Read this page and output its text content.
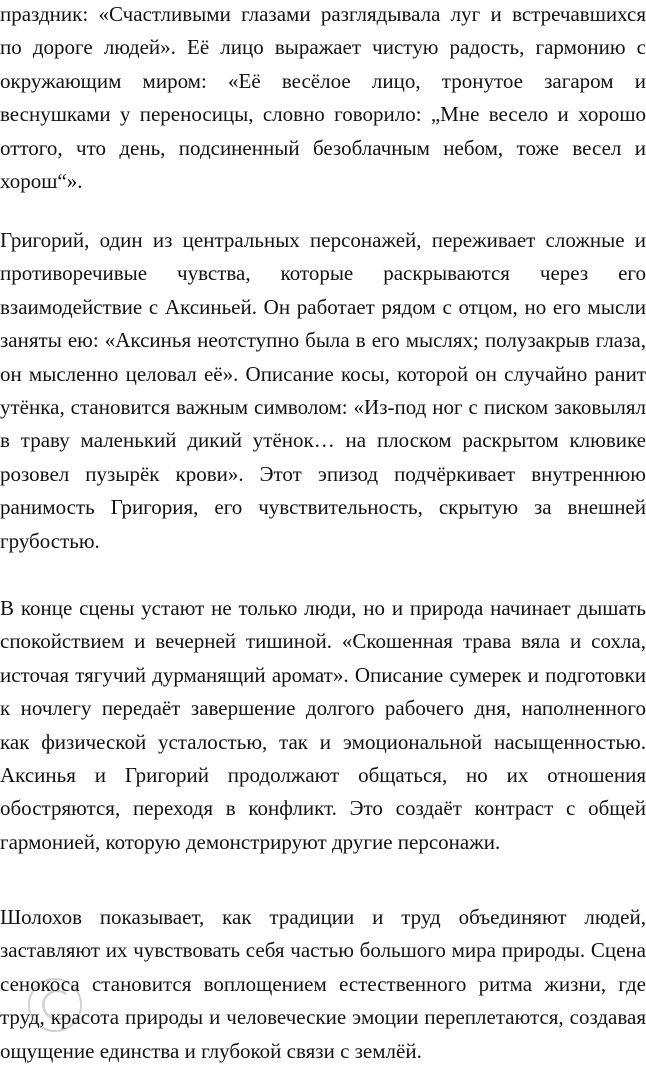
праздник: «Счастливыми глазами разглядывала луг и встречавшихся
по дороге людей». Её лицо выражает чистую радость, гармонию с
окружающим миром: «Её весёлое лицо, тронутое загаром и
веснушками у переносицы, словно говорило: „Мне весело и хорошо
оттого, что день, подсиненный безоблачным небом, тоже весел и
хорош“».
Григорий, один из центральных персонажей, переживает сложные и
противоречивые чувства, которые раскрываются через его
взаимодействие с Аксиньей. Он работает рядом с отцом, но его мысли
заняты ею: «Аксинья неотступно была в его мыслях; полузакрыв глаза,
он мысленно целовал её». Описание косы, которой он случайно ранит
утёнка, становится важным символом: «Из-под ног с писком заковылял
в траву маленький дикий утёнок… на плоском раскрытом клювике
розовел пузырёк крови». Этот эпизод подчёркивает внутреннюю
ранимость Григория, его чувствительность, скрытую за внешней
грубостью.
В конце сцены устают не только люди, но и природа начинает дышать
спокойствием и вечерней тишиной. «Скошенная трава вяла и сохла,
источая тягучий дурманящий аромат». Описание сумерек и подготовки
к ночлегу передаёт завершение долгого рабочего дня, наполненного
как физической усталостью, так и эмоциональной насыщенностью.
Аксинья и Григорий продолжают общаться, но их отношения
обостряются, переходя в конфликт. Это создаёт контраст с общей
гармонией, которую демонстрируют другие персонажи.
Шолохов показывает, как традиции и труд объединяют людей,
заставляют их чувствовать себя частью большого мира природы. Сцена
сенокоса становится воплощением естественного ритма жизни, где
труд, красота природы и человеческие эмоции переплетаются, создавая
ощущение единства и глубокой связи с землёй.
